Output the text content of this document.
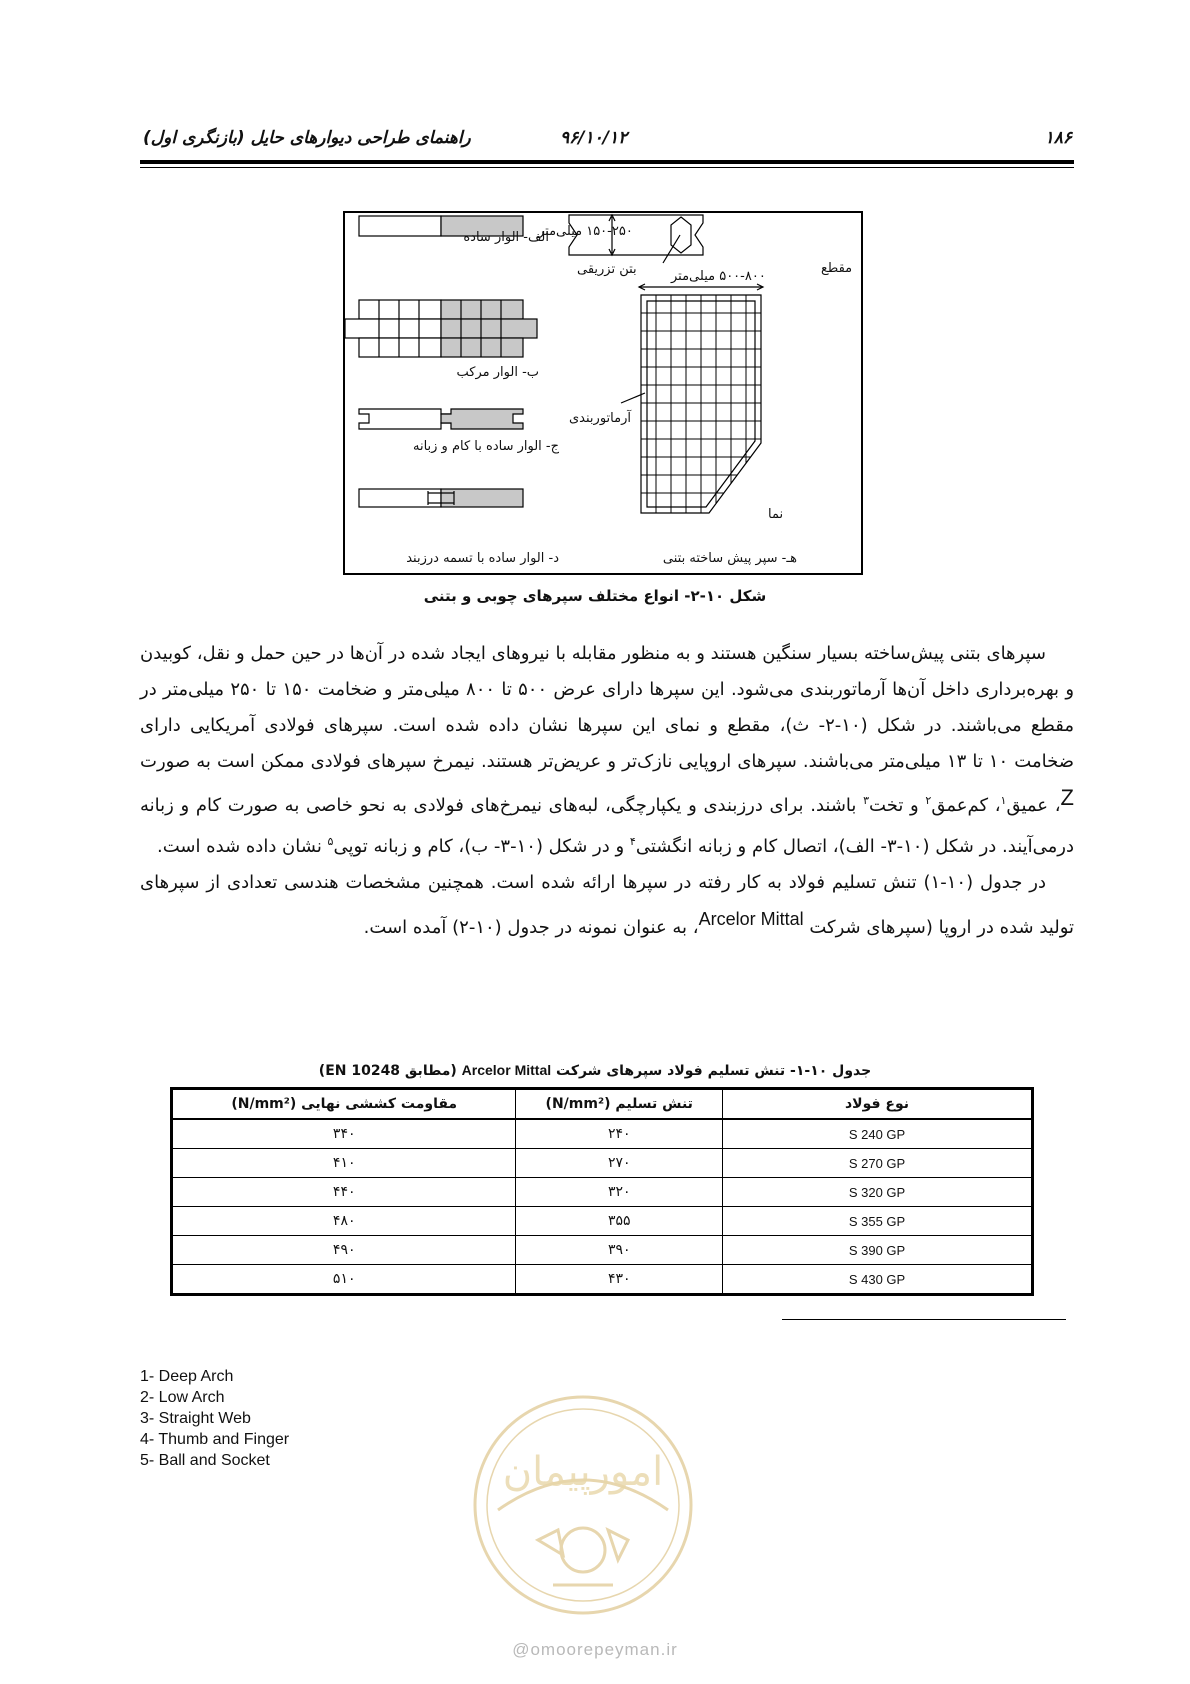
۱۸۶
۹۶/۱۰/۱۲
راهنمای طراحی دیوارهای حایل (بازنگری اول)
الف- الوار ساده
ب- الوار مرکب
ج- الوار ساده با کام و زبانه
د- الوار ساده با تسمه درزبند	هـ- سپر پیش ساخته بتنی
۱۵۰-۲۵۰ میلی‌متر
بتن تزریقی	مقطع
۵۰۰-۸۰۰ میلی‌متر
آرماتوربندی
نما
شکل ۱۰-۲- انواع مختلف سپرهای چوبی و بتنی

سپرهای بتنی پیش‌ساخته بسیار سنگین هستند و به منظور مقابله با نیروهای ایجاد شده در آن‌ها در حین حمل و نقل، کوبیدن و بهره‌برداری داخل آن‌ها آرماتوربندی می‌شود. این سپرها دارای عرض ۵۰۰ تا ۸۰۰ میلی‌متر و ضخامت ۱۵۰ تا ۲۵۰ میلی‌متر در مقطع می‌باشند. در شکل (۱۰-۲- ث)، مقطع و نمای این سپرها نشان داده شده است. سپرهای فولادی آمریکایی دارای ضخامت ۱۰ تا ۱۳ میلی‌متر می‌باشند. سپرهای اروپایی نازک‌تر و عریض‌تر هستند. نیمرخ سپرهای فولادی ممکن است به صورت Z، عمیق$^۱$، کم‌عمق$^۲$ و تخت$^۳$ باشند. برای درزبندی و یکپارچگی، لبه‌های نیمرخ‌های فولادی به نحو خاصی به صورت کام و زبانه درمی‌آیند. در شکل (۱۰-۳- الف)، اتصال کام و زبانه انگشتی$^۴$ و در شکل (۱۰-۳- ب)، کام و زبانه توپی$^۵$ نشان داده شده است.

در جدول (۱۰-۱) تنش تسلیم فولاد به کار رفته در سپرها ارائه شده است. همچنین مشخصات هندسی تعدادی از سپرهای تولید شده در اروپا (سپرهای شرکت Arcelor Mittal، به عنوان نمونه در جدول (۱۰-۲) آمده است.

جدول ۱۰-۱- تنش تسلیم فولاد سپرهای شرکت Arcelor Mittal (مطابق EN 10248)
نوع فولاد	تنش تسلیم (N/mm²)	مقاومت کششی نهایی (N/mm²)
S 240 GP	۲۴۰	۳۴۰
S 270 GP	۲۷۰	۴۱۰
S 320 GP	۳۲۰	۴۴۰
S 355 GP	۳۵۵	۴۸۰
S 390 GP	۳۹۰	۴۹۰
S 430 GP	۴۳۰	۵۱۰
1- Deep Arch
2- Low Arch
3- Straight Web
4- Thumb and Finger
5- Ball and Socket	امورپیمان
@omoorepeyman.ir
